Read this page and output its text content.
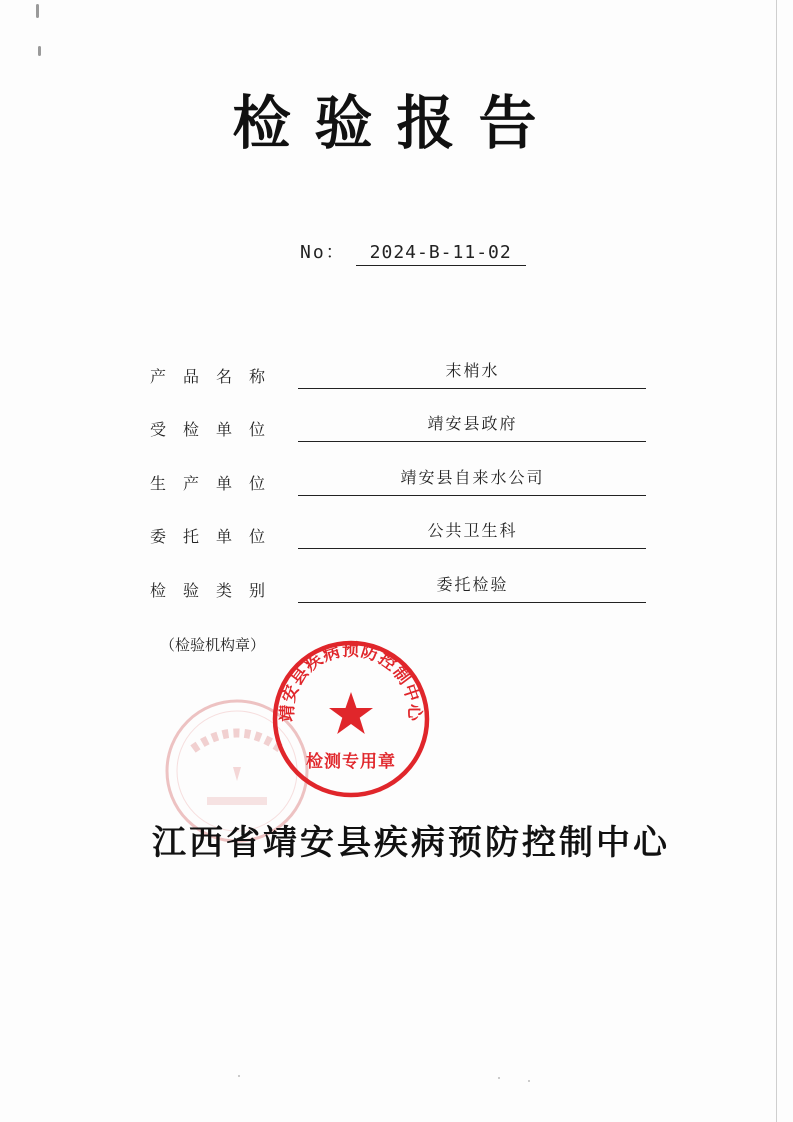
检验报告
No：	2024-B-11-02
产品名称	末梢水
受检单位	靖安县政府
生产单位	靖安县自来水公司
委托单位	公共卫生科
检验类别	委托检验
（检验机构章）
靖安县疾病预防控制中心
检测专用章
江西省靖安县疾病预防控制中心
